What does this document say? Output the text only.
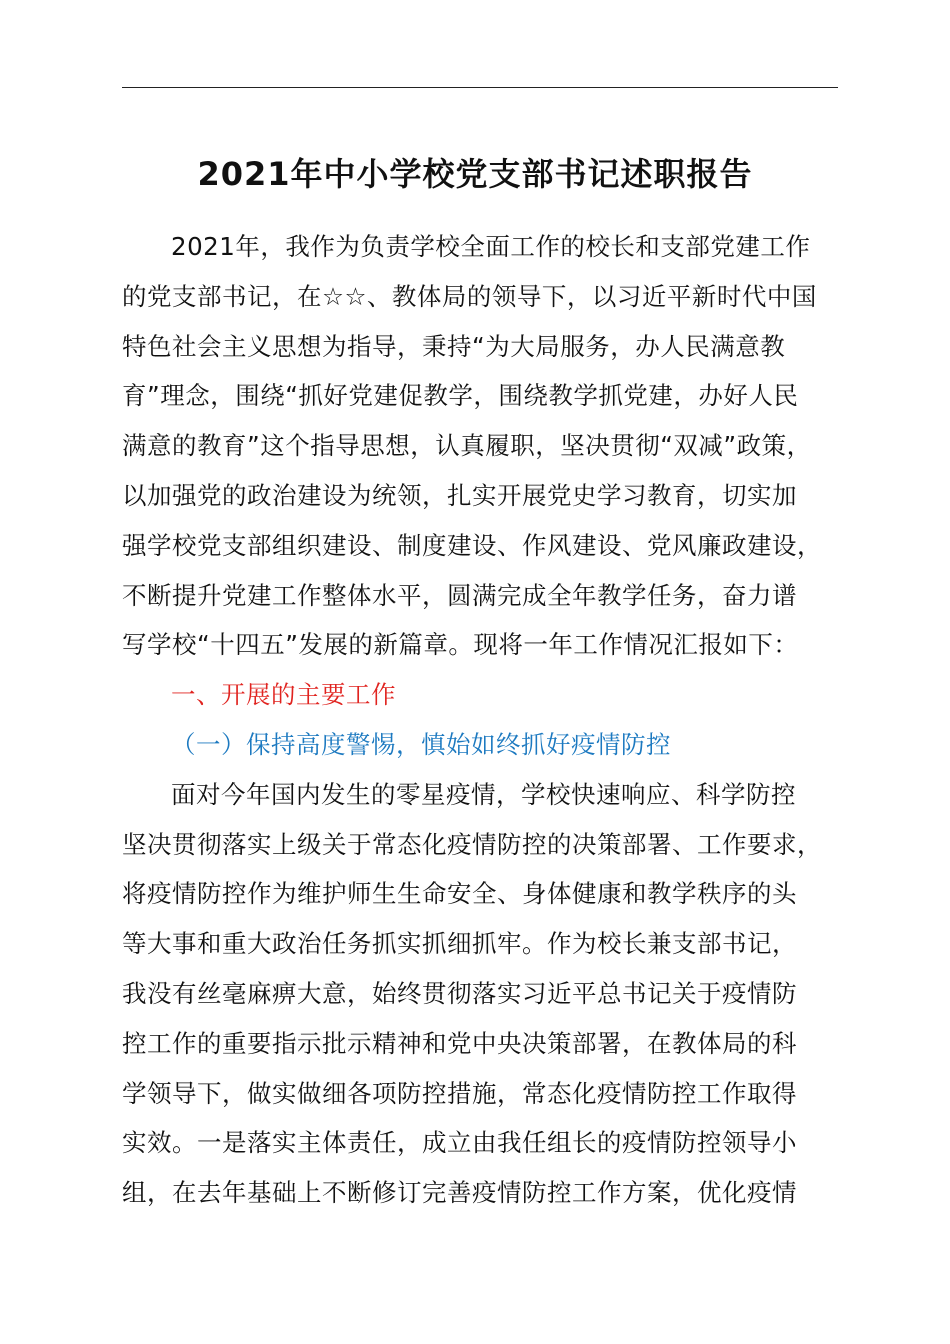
2021年中小学校党支部书记述职报告
2021年，我作为负责学校全面工作的校长和支部党建工作
的党支部书记，在☆☆、教体局的领导下，以习近平新时代中国
特色社会主义思想为指导，秉持“为大局服务，办人民满意教
育”理念，围绕“抓好党建促教学，围绕教学抓党建，办好人民
满意的教育”这个指导思想，认真履职，坚决贯彻“双减”政策，
以加强党的政治建设为统领，扎实开展党史学习教育，切实加
强学校党支部组织建设、制度建设、作风建设、党风廉政建设，
不断提升党建工作整体水平，圆满完成全年教学任务，奋力谱
写学校“十四五”发展的新篇章。现将一年工作情况汇报如下：
一、开展的主要工作
（一）保持高度警惕，慎始如终抓好疫情防控
面对今年国内发生的零星疫情，学校快速响应、科学防控
坚决贯彻落实上级关于常态化疫情防控的决策部署、工作要求，
将疫情防控作为维护师生生命安全、身体健康和教学秩序的头
等大事和重大政治任务抓实抓细抓牢。作为校长兼支部书记，
我没有丝毫麻痹大意，始终贯彻落实习近平总书记关于疫情防
控工作的重要指示批示精神和党中央决策部署，在教体局的科
学领导下，做实做细各项防控措施，常态化疫情防控工作取得
实效。一是落实主体责任，成立由我任组长的疫情防控领导小
组，在去年基础上不断修订完善疫情防控工作方案，优化疫情
